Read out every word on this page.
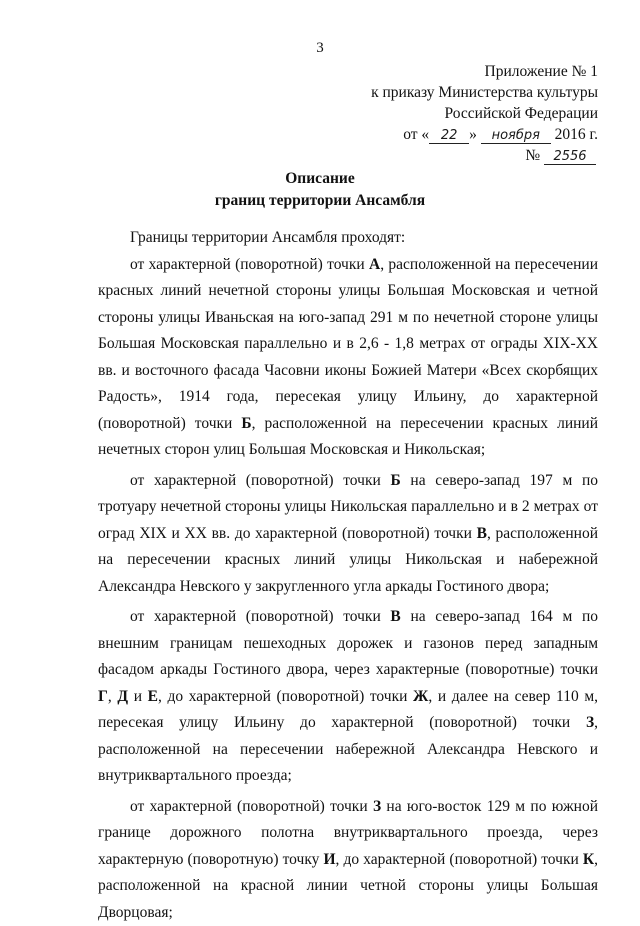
3
Приложение № 1
к приказу Министерства культуры
Российской Федерации
от « 22 » ноября 2016 г.
№ 2556
Описание
границ территории Ансамбля

Границы территории Ансамбля проходят:

от характерной (поворотной) точки А, расположенной на пересечении красных линий нечетной стороны улицы Большая Московская и четной стороны улицы Иваньская на юго-запад 291 м по нечетной стороне улицы Большая Московская параллельно и в 2,6 - 1,8 метрах от ограды XIX-XX вв. и восточного фасада Часовни иконы Божией Матери «Всех скорбящих Радость», 1914 года, пересекая улицу Ильину, до характерной (поворотной) точки Б, расположенной на пересечении красных линий нечетных сторон улиц Большая Московская и Никольская;

от характерной (поворотной) точки Б на северо-запад 197 м по тротуару нечетной стороны улицы Никольская параллельно и в 2 метрах от оград XIX и XX вв. до характерной (поворотной) точки В, расположенной на пересечении красных линий улицы Никольская и набережной Александра Невского у закругленного угла аркады Гостиного двора;

от характерной (поворотной) точки В на северо-запад 164 м по внешним границам пешеходных дорожек и газонов перед западным фасадом аркады Гостиного двора, через характерные (поворотные) точки Г, Д и Е, до характерной (поворотной) точки Ж, и далее на север 110 м, пересекая улицу Ильину до характерной (поворотной) точки З, расположенной на пересечении набережной Александра Невского и внутриквартального проезда;

от характерной (поворотной) точки З на юго-восток 129 м по южной границе дорожного полотна внутриквартального проезда, через характерную (поворотную) точку И, до характерной (поворотной) точки К, расположенной на красной линии четной стороны улицы Большая Дворцовая;
